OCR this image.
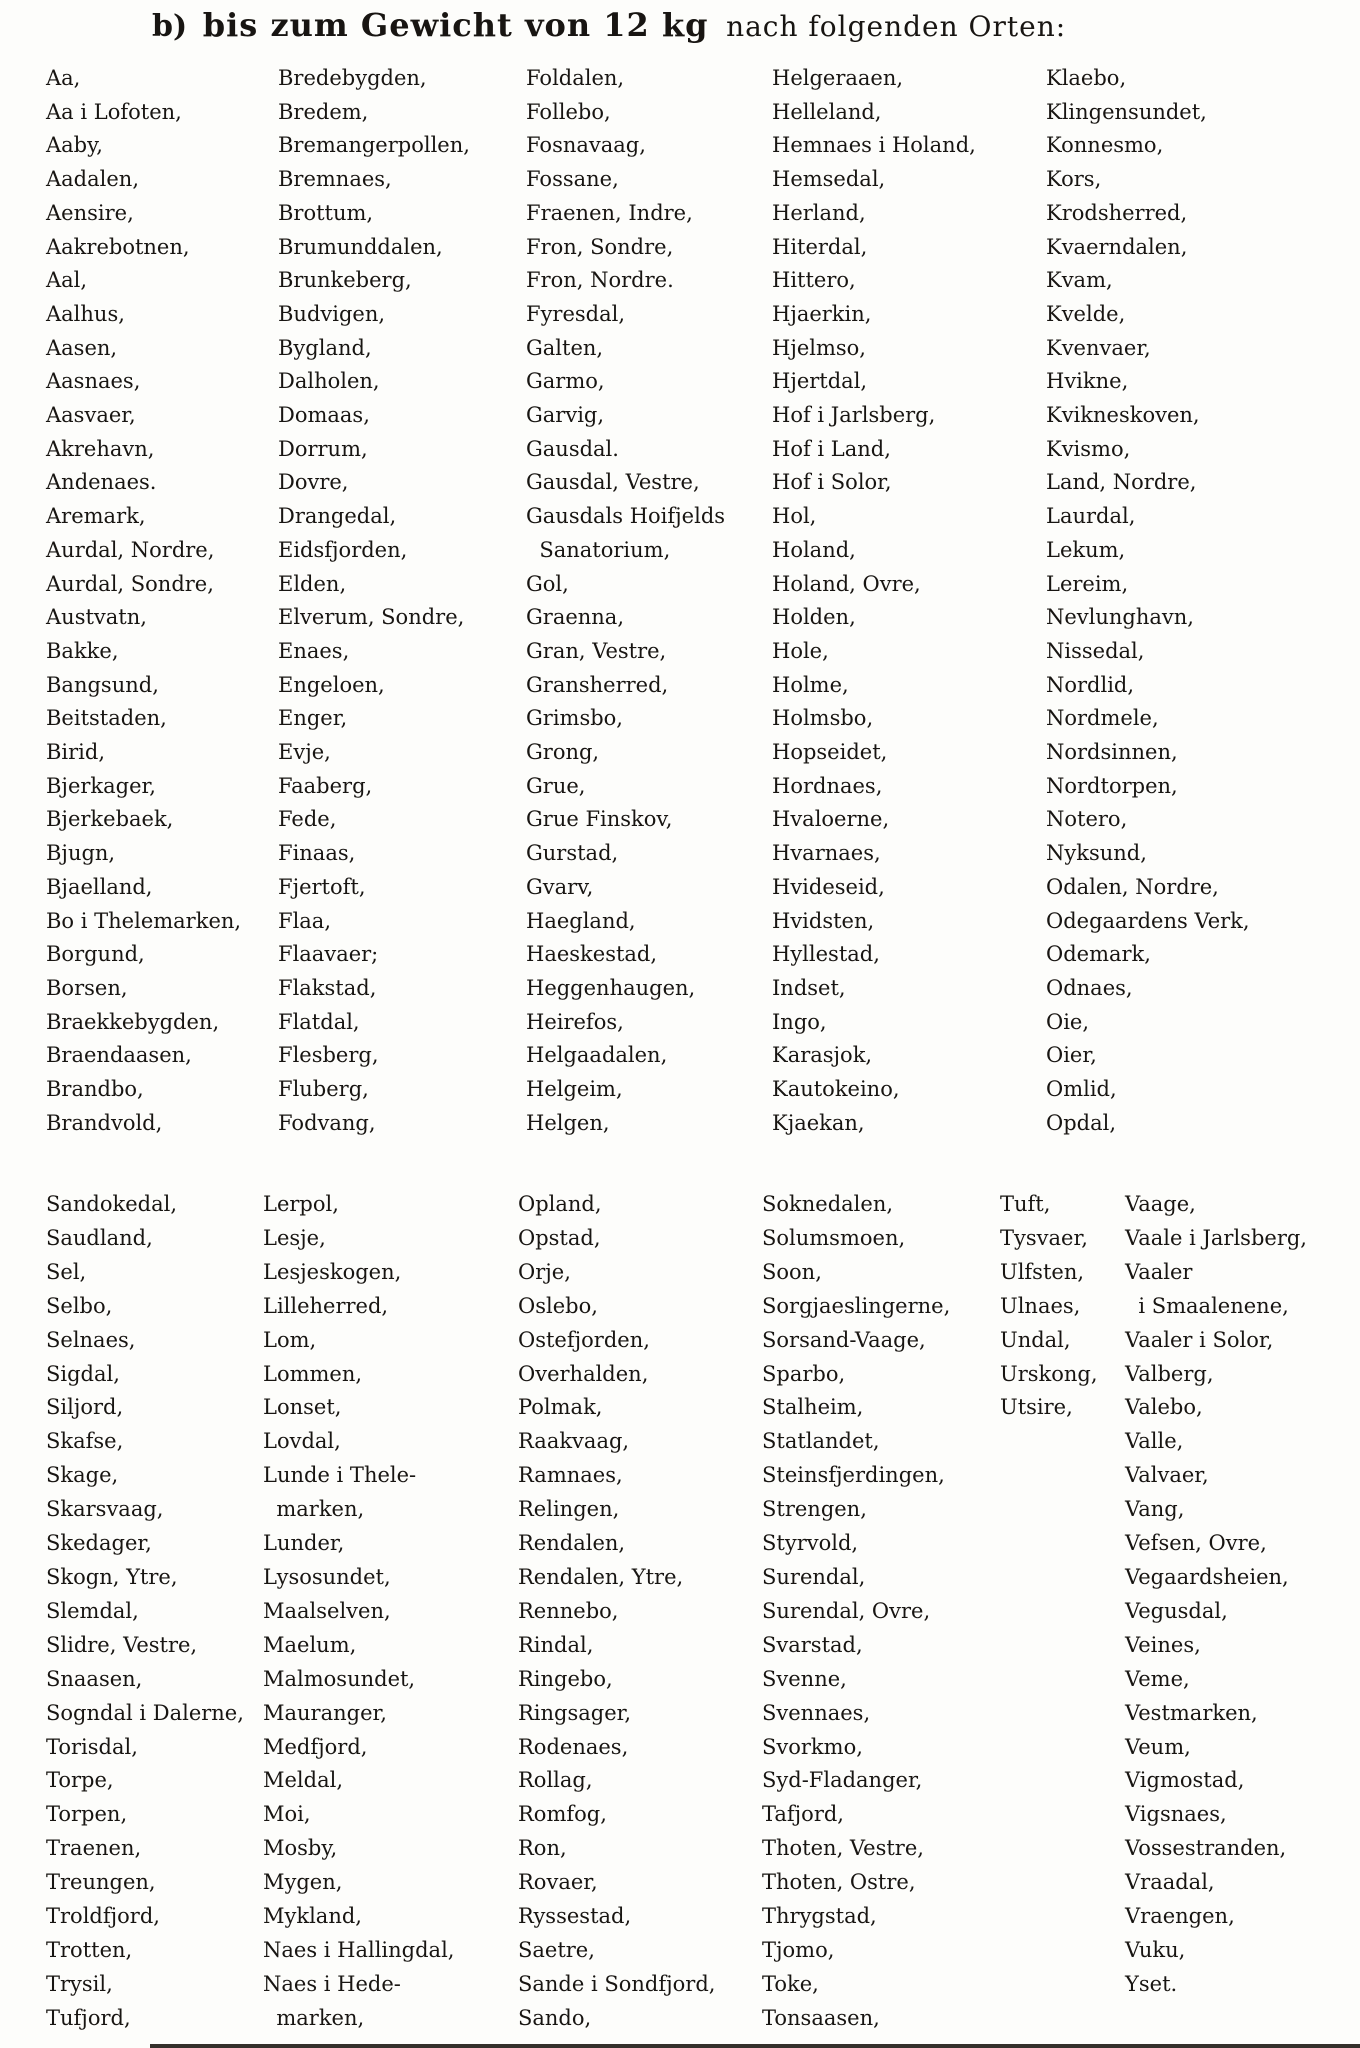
b) bis zum Gewicht von 12 kg nach folgenden Orten:
Aa,
Aa i Lofoten,
Aaby,
Aadalen,
Aensire,
Aakrebotnen,
Aal,
Aalhus,
Aasen,
Aasnaes,
Aasvaer,
Akrehavn,
Andenaes.
Aremark,
Aurdal, Nordre,
Aurdal, Sondre,
Austvatn,
Bakke,
Bangsund,
Beitstaden,
Birid,
Bjerkager,
Bjerkebaek,
Bjugn,
Bjaelland,
Bo i Thelemarken,
Borgund,
Borsen,
Braekkebygden,
Braendaasen,
Brandbo,
Brandvold,
Bredebygden,
Bredem,
Bremangerpollen,
Bremnaes,
Brottum,
Brumunddalen,
Brunkeberg,
Budvigen,
Bygland,
Dalholen,
Domaas,
Dorrum,
Dovre,
Drangedal,
Eidsfjorden,
Elden,
Elverum, Sondre,
Enaes,
Engeloen,
Enger,
Evje,
Faaberg,
Fede,
Finaas,
Fjertoft,
Flaa,
Flaavaer;
Flakstad,
Flatdal,
Flesberg,
Fluberg,
Fodvang,
Foldalen,
Follebo,
Fosnavaag,
Fossane,
Fraenen, Indre,
Fron, Sondre,
Fron, Nordre.
Fyresdal,
Galten,
Garmo,
Garvig,
Gausdal.
Gausdal, Vestre,
Gausdals Hoifjelds
Sanatorium,
Gol,
Graenna,
Gran, Vestre,
Gransherred,
Grimsbo,
Grong,
Grue,
Grue Finskov,
Gurstad,
Gvarv,
Haegland,
Haeskestad,
Heggenhaugen,
Heirefos,
Helgaadalen,
Helgeim,
Helgen,
Helgeraaen,
Helleland,
Hemnaes i Holand,
Hemsedal,
Herland,
Hiterdal,
Hittero,
Hjaerkin,
Hjelmso,
Hjertdal,
Hof i Jarlsberg,
Hof i Land,
Hof i Solor,
Hol,
Holand,
Holand, Ovre,
Holden,
Hole,
Holme,
Holmsbo,
Hopseidet,
Hordnaes,
Hvaloerne,
Hvarnaes,
Hvideseid,
Hvidsten,
Hyllestad,
Indset,
Ingo,
Karasjok,
Kautokeino,
Kjaekan,
Klaebo,
Klingensundet,
Konnesmo,
Kors,
Krodsherred,
Kvaerndalen,
Kvam,
Kvelde,
Kvenvaer,
Hvikne,
Kvikneskoven,
Kvismo,
Land, Nordre,
Laurdal,
Lekum,
Lereim,
Nevlunghavn,
Nissedal,
Nordlid,
Nordmele,
Nordsinnen,
Nordtorpen,
Notero,
Nyksund,
Odalen, Nordre,
Odegaardens Verk,
Odemark,
Odnaes,
Oie,
Oier,
Omlid,
Opdal,
Sandokedal,
Saudland,
Sel,
Selbo,
Selnaes,
Sigdal,
Siljord,
Skafse,
Skage,
Skarsvaag,
Skedager,
Skogn, Ytre,
Slemdal,
Slidre, Vestre,
Snaasen,
Sogndal i Dalerne,
Torisdal,
Torpe,
Torpen,
Traenen,
Treungen,
Troldfjord,
Trotten,
Trysil,
Tufjord,
Lerpol,
Lesje,
Lesjeskogen,
Lilleherred,
Lom,
Lommen,
Lonset,
Lovdal,
Lunde i Thele-
marken,
Lunder,
Lysosundet,
Maalselven,
Maelum,
Malmosundet,
Mauranger,
Medfjord,
Meldal,
Moi,
Mosby,
Mygen,
Mykland,
Naes i Hallingdal,
Naes i Hede-
marken,
Opland,
Opstad,
Orje,
Oslebo,
Ostefjorden,
Overhalden,
Polmak,
Raakvaag,
Ramnaes,
Relingen,
Rendalen,
Rendalen, Ytre,
Rennebo,
Rindal,
Ringebo,
Ringsager,
Rodenaes,
Rollag,
Romfog,
Ron,
Rovaer,
Ryssestad,
Saetre,
Sande i Sondfjord,
Sando,
Soknedalen,
Solumsmoen,
Soon,
Sorgjaeslingerne,
Sorsand-Vaage,
Sparbo,
Stalheim,
Statlandet,
Steinsfjerdingen,
Strengen,
Styrvold,
Surendal,
Surendal, Ovre,
Svarstad,
Svenne,
Svennaes,
Svorkmo,
Syd-Fladanger,
Tafjord,
Thoten, Vestre,
Thoten, Ostre,
Thrygstad,
Tjomo,
Toke,
Tonsaasen,
Tuft,
Tysvaer,
Ulfsten,
Ulnaes,
Undal,
Urskong,
Utsire,
Vaage,
Vaale i Jarlsberg,
Vaaler
i Smaalenene,
Vaaler i Solor,
Valberg,
Valebo,
Valle,
Valvaer,
Vang,
Vefsen, Ovre,
Vegaardsheien,
Vegusdal,
Veines,
Veme,
Vestmarken,
Veum,
Vigmostad,
Vigsnaes,
Vossestranden,
Vraadal,
Vraengen,
Vuku,
Yset.
